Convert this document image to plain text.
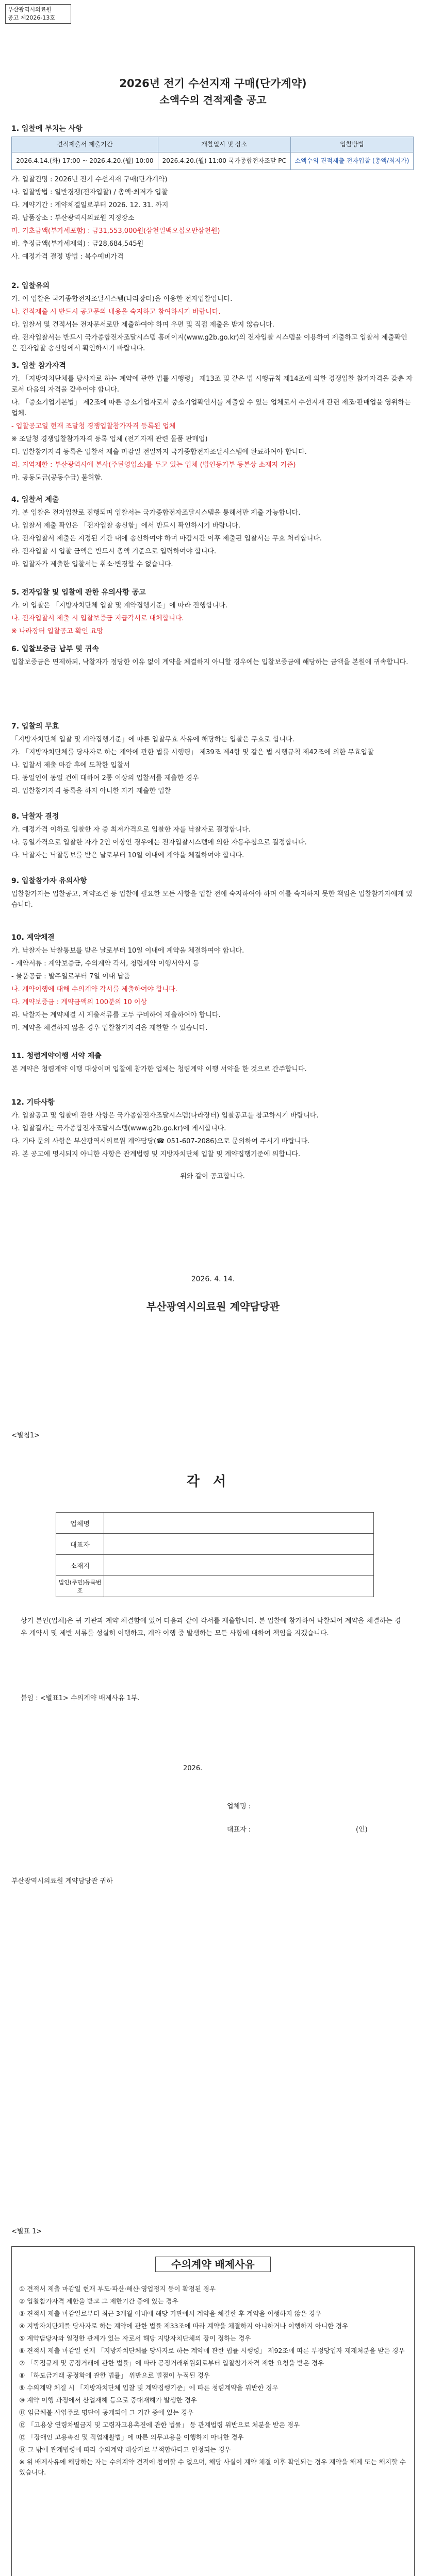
부산광역시의료원
공고 제2026-13호
2026년 전기 수선지재 구매(단가계약)
소액수의 견적제출 공고
1. 입찰에 부치는 사항
견적제출서 제출기간	개찰일시 및 장소	입찰방법
2026.4.14.(화) 17:00 ~ 2026.4.20.(월) 10:00	2026.4.20.(월) 11:00 국가종합전자조달 PC	소액수의 견적제출 전자입찰 (총액/최저가)

가. 입찰건명 : 2026년 전기 수선지재 구매(단가계약)

나. 입찰방법 : 일반경쟁(전자입찰) / 총액·최저가 입찰

다. 계약기간 : 계약체결일로부터 2026. 12. 31. 까지

라. 납품장소 : 부산광역시의료원 지정장소

마. 기초금액(부가세포함) : 금31,553,000원(삼천일백오십오만삼천원)

바. 추정금액(부가세제외) : 금28,684,545원

사. 예정가격 결정 방법 : 복수예비가격

2. 입찰유의

가. 이 입찰은 국가종합전자조달시스템(나라장터)을 이용한 전자입찰입니다.

나. 견적제출 시 반드시 공고문의 내용을 숙지하고 참여하시기 바랍니다.

다. 입찰서 및 견적서는 전자문서로만 제출하여야 하며 우편 및 직접 제출은 받지 않습니다.

라. 전자입찰서는 반드시 국가종합전자조달시스템 홈페이지(www.g2b.go.kr)의 전자입찰 시스템을 이용하여 제출하고 입찰서 제출확인은 전자입찰 송신함에서 확인하시기 바랍니다.

3. 입찰 참가자격

가. 「지방자치단체를 당사자로 하는 계약에 관한 법률 시행령」 제13조 및 같은 법 시행규칙 제14조에 의한 경쟁입찰 참가자격을 갖춘 자로서 다음의 자격을 갖추어야 합니다.

나. 「중소기업기본법」 제2조에 따른 중소기업자로서 중소기업확인서를 제출할 수 있는 업체로서 수선지재 관련 제조·판매업을 영위하는 업체.

- 입찰공고일 현재 조달청 경쟁입찰참가자격 등록된 업체

※ 조달청 경쟁입찰참가자격 등록 업체 (전기자재 관련 물품 판매업)

다. 입찰참가자격 등록은 입찰서 제출 마감일 전일까지 국가종합전자조달시스템에 완료하여야 합니다.

라. 지역제한 : 부산광역시에 본사(주된영업소)를 두고 있는 업체 (법인등기부 등본상 소재지 기준)

마. 공동도급(공동수급) 불허함.

4. 입찰서 제출

가. 본 입찰은 전자입찰로 진행되며 입찰서는 국가종합전자조달시스템을 통해서만 제출 가능합니다.

나. 입찰서 제출 확인은 「전자입찰 송신함」에서 반드시 확인하시기 바랍니다.

다. 전자입찰서 제출은 지정된 기간 내에 송신하여야 하며 마감시간 이후 제출된 입찰서는 무효 처리합니다.

라. 전자입찰 시 입찰 금액은 반드시 총액 기준으로 입력하여야 합니다.

마. 입찰자가 제출한 입찰서는 취소·변경할 수 없습니다.

5. 전자입찰 및 입찰에 관한 유의사항 공고

가. 이 입찰은 「지방자치단체 입찰 및 계약집행기준」에 따라 진행합니다.

나. 전자입찰서 제출 시 입찰보증금 지급각서로 대체합니다.

※ 나라장터 입찰공고 확인 요망

6. 입찰보증금 납부 및 귀속

입찰보증금은 면제하되, 낙찰자가 정당한 이유 없이 계약을 체결하지 아니할 경우에는 입찰보증금에 해당하는 금액을 본원에 귀속합니다.

7. 입찰의 무효

「지방자치단체 입찰 및 계약집행기준」에 따른 입찰무효 사유에 해당하는 입찰은 무효로 합니다.

가. 「지방자치단체를 당사자로 하는 계약에 관한 법률 시행령」 제39조 제4항 및 같은 법 시행규칙 제42조에 의한 무효입찰

나. 입찰서 제출 마감 후에 도착한 입찰서

다. 동일인이 동일 건에 대하여 2통 이상의 입찰서를 제출한 경우

라. 입찰참가자격 등록을 하지 아니한 자가 제출한 입찰

8. 낙찰자 결정

가. 예정가격 이하로 입찰한 자 중 최저가격으로 입찰한 자를 낙찰자로 결정합니다.

나. 동일가격으로 입찰한 자가 2인 이상인 경우에는 전자입찰시스템에 의한 자동추첨으로 결정합니다.

다. 낙찰자는 낙찰통보를 받은 날로부터 10일 이내에 계약을 체결하여야 합니다.

9. 입찰참가자 유의사항

입찰참가자는 입찰공고, 계약조건 등 입찰에 필요한 모든 사항을 입찰 전에 숙지하여야 하며 이를 숙지하지 못한 책임은 입찰참가자에게 있습니다.

10. 계약체결

가. 낙찰자는 낙찰통보를 받은 날로부터 10일 이내에 계약을 체결하여야 합니다.

- 계약서류 : 계약보증금, 수의계약 각서, 청렴계약 이행서약서 등

- 물품공급 : 발주일로부터 7일 이내 납품

나. 계약이행에 대해 수의계약 각서를 제출하여야 합니다.

다. 계약보증금 : 계약금액의 100분의 10 이상

라. 낙찰자는 계약체결 시 제출서류를 모두 구비하여 제출하여야 합니다.

마. 계약을 체결하지 않을 경우 입찰참가자격을 제한할 수 있습니다.

11. 청렴계약이행 서약 제출

본 계약은 청렴계약 이행 대상이며 입찰에 참가한 업체는 청렴계약 이행 서약을 한 것으로 간주합니다.

12. 기타사항

가. 입찰공고 및 입찰에 관한 사항은 국가종합전자조달시스템(나라장터) 입찰공고를 참고하시기 바랍니다.

나. 입찰결과는 국가종합전자조달시스템(www.g2b.go.kr)에 게시합니다.

다. 기타 문의 사항은 부산광역시의료원 계약담당(☎ 051-607-2086)으로 문의하여 주시기 바랍니다.

라. 본 공고에 명시되지 아니한 사항은 관계법령 및 지방자치단체 입찰 및 계약집행기준에 의합니다.

위와 같이 공고합니다.

2026. 4. 14.
부산광역시의료원 계약담당관
<별첨1>
각서
업체명	
대표자	
소재지	
법인(주민)등록번호	
상기 본인(업체)은 귀 기관과 계약 체결함에 있어 다음과 같이 각서를 제출합니다. 본 입찰에 참가하여 낙찰되어 계약을 체결하는 경우 계약서 및 제반 서류를 성실히 이행하고, 계약 이행 중 발생하는 모든 사항에 대하여 책임을 지겠습니다.
붙임 : <별표1> 수의계약 배제사유 1부.
2026.
업체명 :
대표자 :	(인)
부산광역시의료원 계약담당관 귀하
<별표 1>
수의계약 배제사유

① 견적서 제출 마감일 현재 부도·파산·해산·영업정지 등이 확정된 경우

② 입찰참가자격 제한을 받고 그 제한기간 중에 있는 경우

③ 견적서 제출 마감일로부터 최근 3개월 이내에 해당 기관에서 계약을 체결한 후 계약을 이행하지 않은 경우

④ 지방자치단체를 당사자로 하는 계약에 관한 법률 제33조에 따라 계약을 체결하지 아니하거나 이행하지 아니한 경우

⑤ 계약담당자와 일정한 관계가 있는 자로서 해당 지방자치단체의 장이 정하는 경우

⑥ 견적서 제출 마감일 현재 「지방자치단체를 당사자로 하는 계약에 관한 법률 시행령」 제92조에 따른 부정당업자 제재처분을 받은 경우

⑦ 「독점규제 및 공정거래에 관한 법률」에 따라 공정거래위원회로부터 입찰참가자격 제한 요청을 받은 경우

⑧ 「하도급거래 공정화에 관한 법률」 위반으로 벌점이 누적된 경우

⑨ 수의계약 체결 시 「지방자치단체 입찰 및 계약집행기준」에 따른 청렴계약을 위반한 경우

⑩ 계약 이행 과정에서 산업재해 등으로 중대재해가 발생한 경우

⑪ 임금체불 사업주로 명단이 공개되어 그 기간 중에 있는 경우

⑫ 「고용상 연령차별금지 및 고령자고용촉진에 관한 법률」 등 관계법령 위반으로 처분을 받은 경우

⑬ 「장애인 고용촉진 및 직업재활법」에 따른 의무고용을 이행하지 아니한 경우

⑭ 그 밖에 관계법령에 따라 수의계약 대상자로 부적합하다고 인정되는 경우

※ 위 배제사유에 해당하는 자는 수의계약 견적에 참여할 수 없으며, 해당 사실이 계약 체결 이후 확인되는 경우 계약을 해제 또는 해지할 수 있습니다.
